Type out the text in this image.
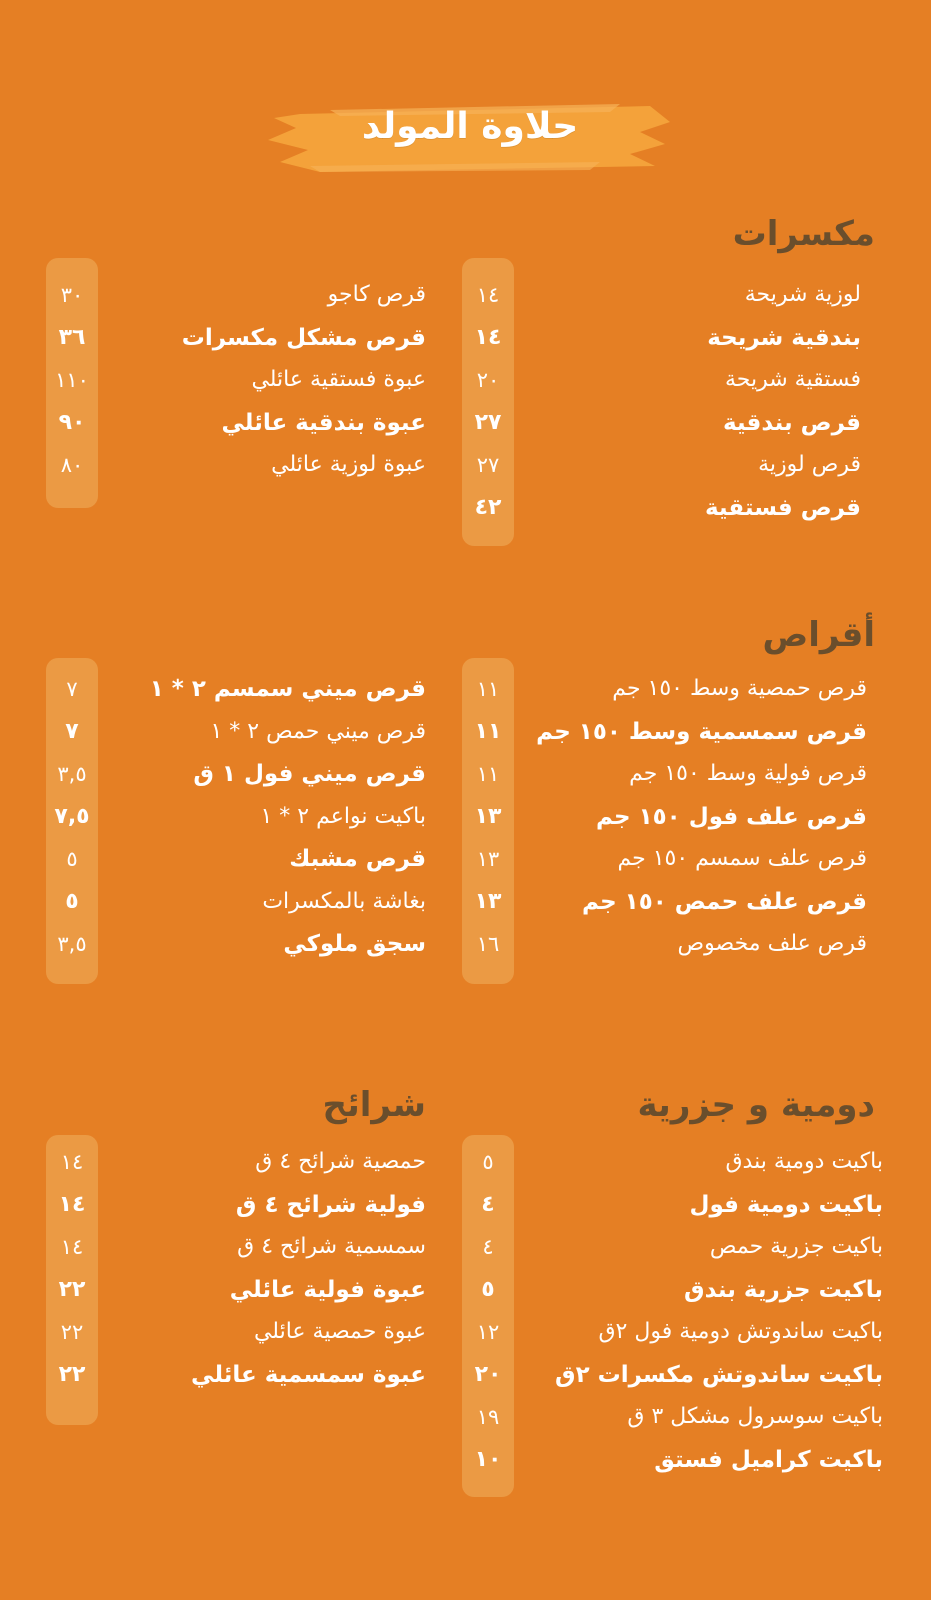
حلاوة المولد
مكسرات
لوزية شريحة
بندقية شريحة
فستقية شريحة
قرص بندقية
قرص لوزية
قرص فستقية
١٤
١٤
٢٠
٢٧
٢٧
٤٢
قرص كاجو
قرص مشكل مكسرات
عبوة فستقية عائلي
عبوة بندقية عائلي
عبوة لوزية عائلي
٣٠
٣٦
١١٠
٩٠
٨٠
أقراص
قرص حمصية وسط ١٥٠ جم
قرص سمسمية وسط ١٥٠ جم
قرص فولية وسط ١٥٠ جم
قرص علف فول ١٥٠ جم
قرص علف سمسم ١٥٠ جم
قرص علف حمص ١٥٠ جم
قرص علف مخصوص
١١
١١
١١
١٣
١٣
١٣
١٦
قرص ميني سمسم ٢ * ١
قرص ميني حمص ٢ * ١
قرص ميني فول ١ ق
باكيت نواعم ٢ * ١
قرص مشبك
بغاشة بالمكسرات
سجق ملوكي
٧
٧
٣,٥
٧,٥
٥
٥
٣,٥
دومية و جزرية
باكيت دومية بندق
باكيت دومية فول
باكيت جزرية حمص
باكيت جزرية بندق
باكيت ساندوتش دومية فول ٢ق
باكيت ساندوتش مكسرات ٢ق
باكيت سوسرول مشكل ٣ ق
باكيت كراميل فستق
٥
٤
٤
٥
١٢
٢٠
١٩
١٠
شرائح
حمصية شرائح ٤ ق
فولية شرائح ٤ ق
سمسمية شرائح ٤ ق
عبوة فولية عائلي
عبوة حمصية عائلي
عبوة سمسمية عائلي
١٤
١٤
١٤
٢٢
٢٢
٢٢
